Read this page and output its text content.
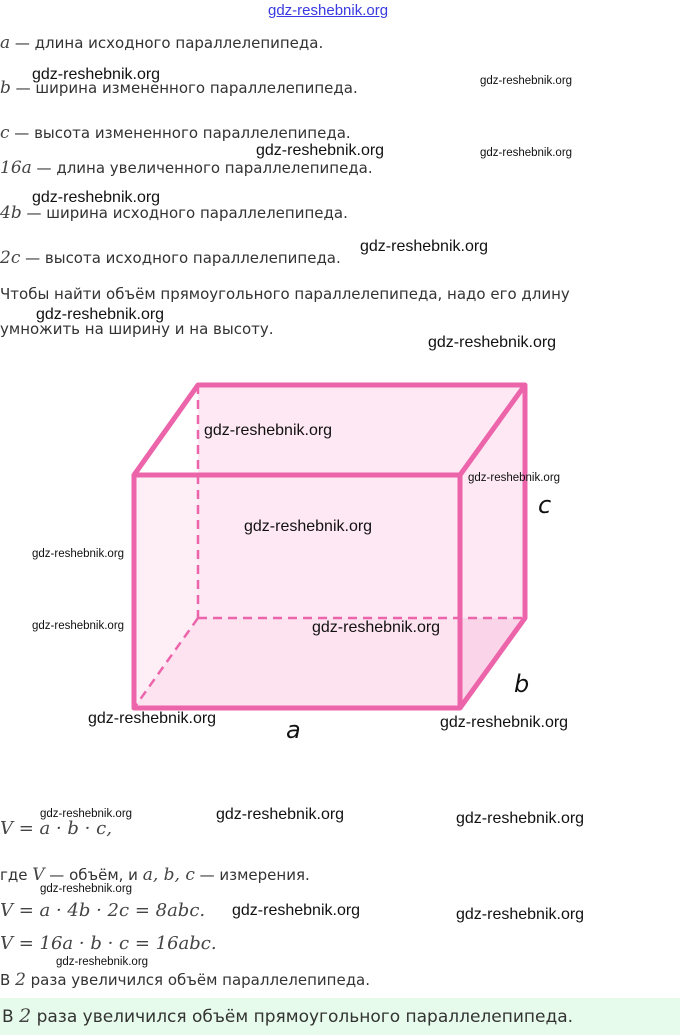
gdz-reshebnik.org
a — длина исходного параллелепипеда.
b — ширина измененного параллелепипеда.
c — высота измененного параллелепипеда.
16a — длина увеличенного параллелепипеда.
4b — ширина исходного параллелепипеда.
2c — высота исходного параллелепипеда.
Чтобы найти объём прямоугольного параллелепипеда, надо его длину
умножить на ширину и на высоту.
c
b
a
V = a · b · c,
где V — объём, и a, b, c — измерения.
V = a · 4b · 2c = 8abc.
V = 16a · b · c = 16abc.
В 2 раза увеличился объём параллелепипеда.
В 2 раза увеличился объём прямоугольного параллелепипеда.
gdz-reshebnik.org	gdz-reshebnik.org
gdz-reshebnik.org	gdz-reshebnik.org
gdz-reshebnik.org
gdz-reshebnik.org
gdz-reshebnik.org
gdz-reshebnik.org
gdz-reshebnik.org
gdz-reshebnik.org
gdz-reshebnik.org
gdz-reshebnik.org
gdz-reshebnik.org	gdz-reshebnik.org
gdz-reshebnik.org	gdz-reshebnik.org
gdz-reshebnik.org	gdz-reshebnik.org	gdz-reshebnik.org
gdz-reshebnik.org
gdz-reshebnik.org	gdz-reshebnik.org
gdz-reshebnik.org
